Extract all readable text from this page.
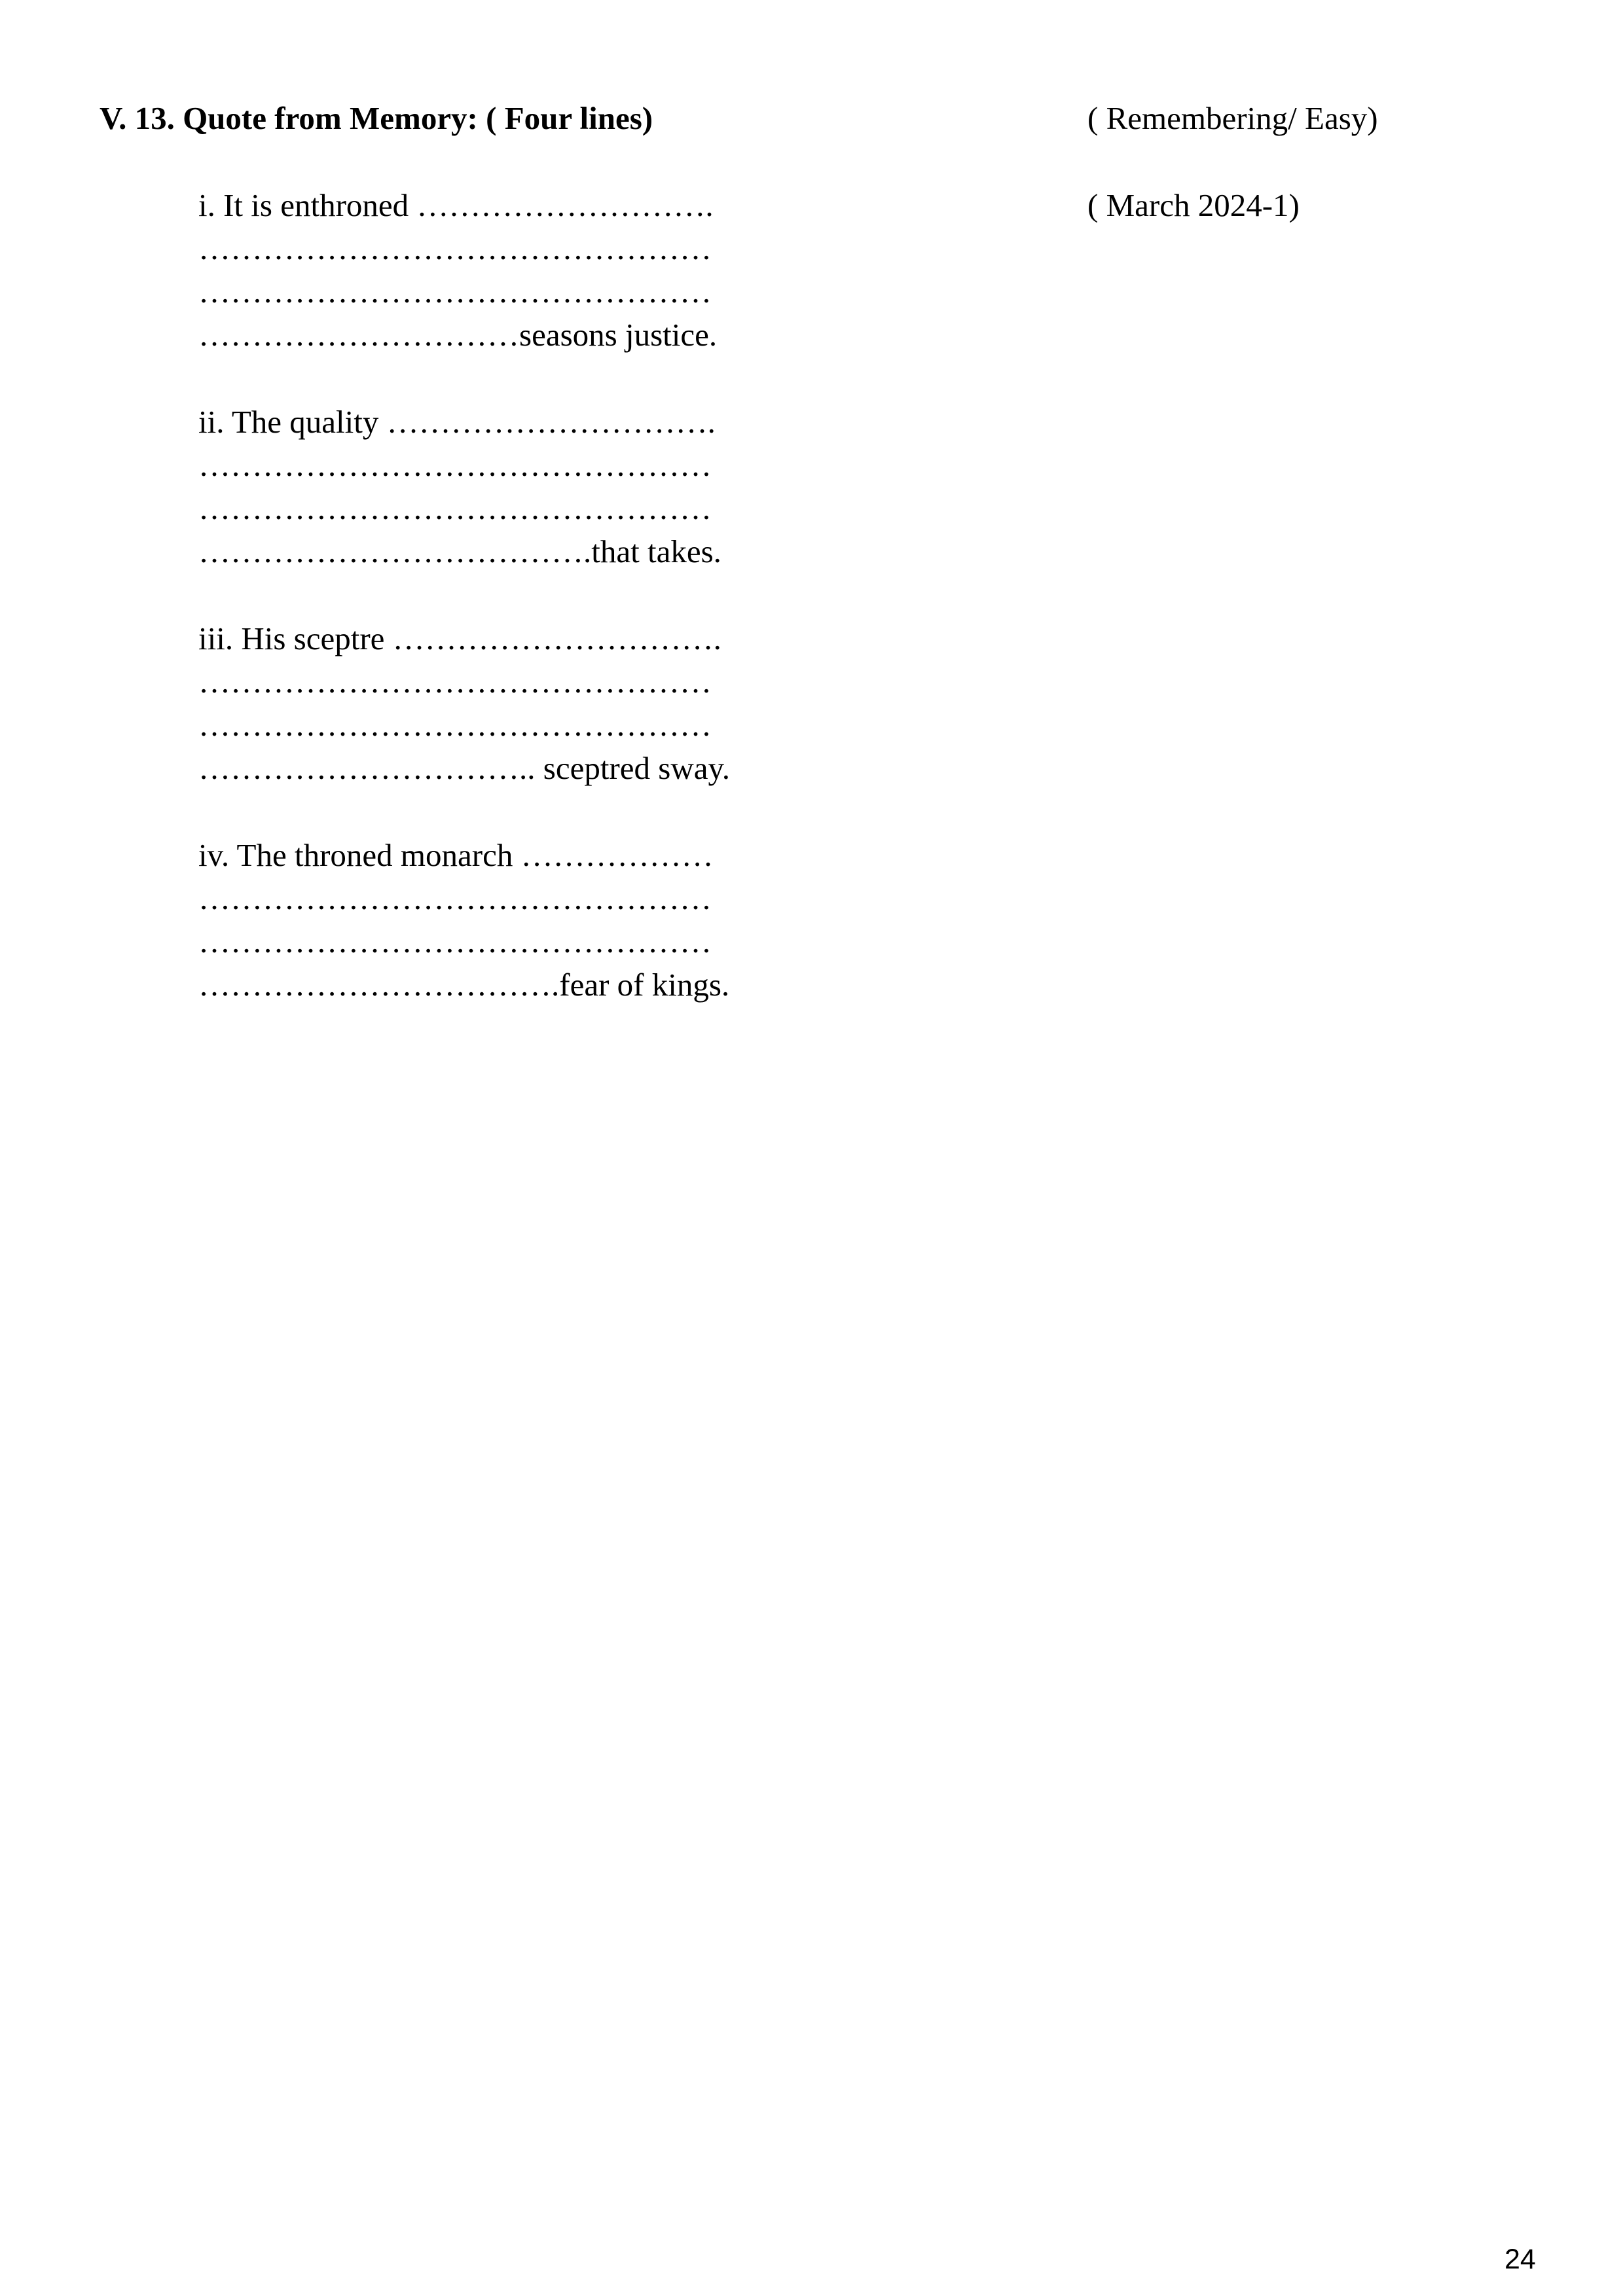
V. 13. Quote from Memory: ( Four lines)	( Remembering/ Easy)
( March 2024-1)
i. It is enthroned ……………………….
…………………………………………
…………………………………………
…………………………seasons justice.
ii. The quality ………………………….
…………………………………………
…………………………………………
……………………………….that takes.
iii. His sceptre ………………………….
…………………………………………
…………………………………………
………………………….. sceptred sway.
iv. The throned monarch ………………
…………………………………………
…………………………………………
…………………………….fear of kings.
24
